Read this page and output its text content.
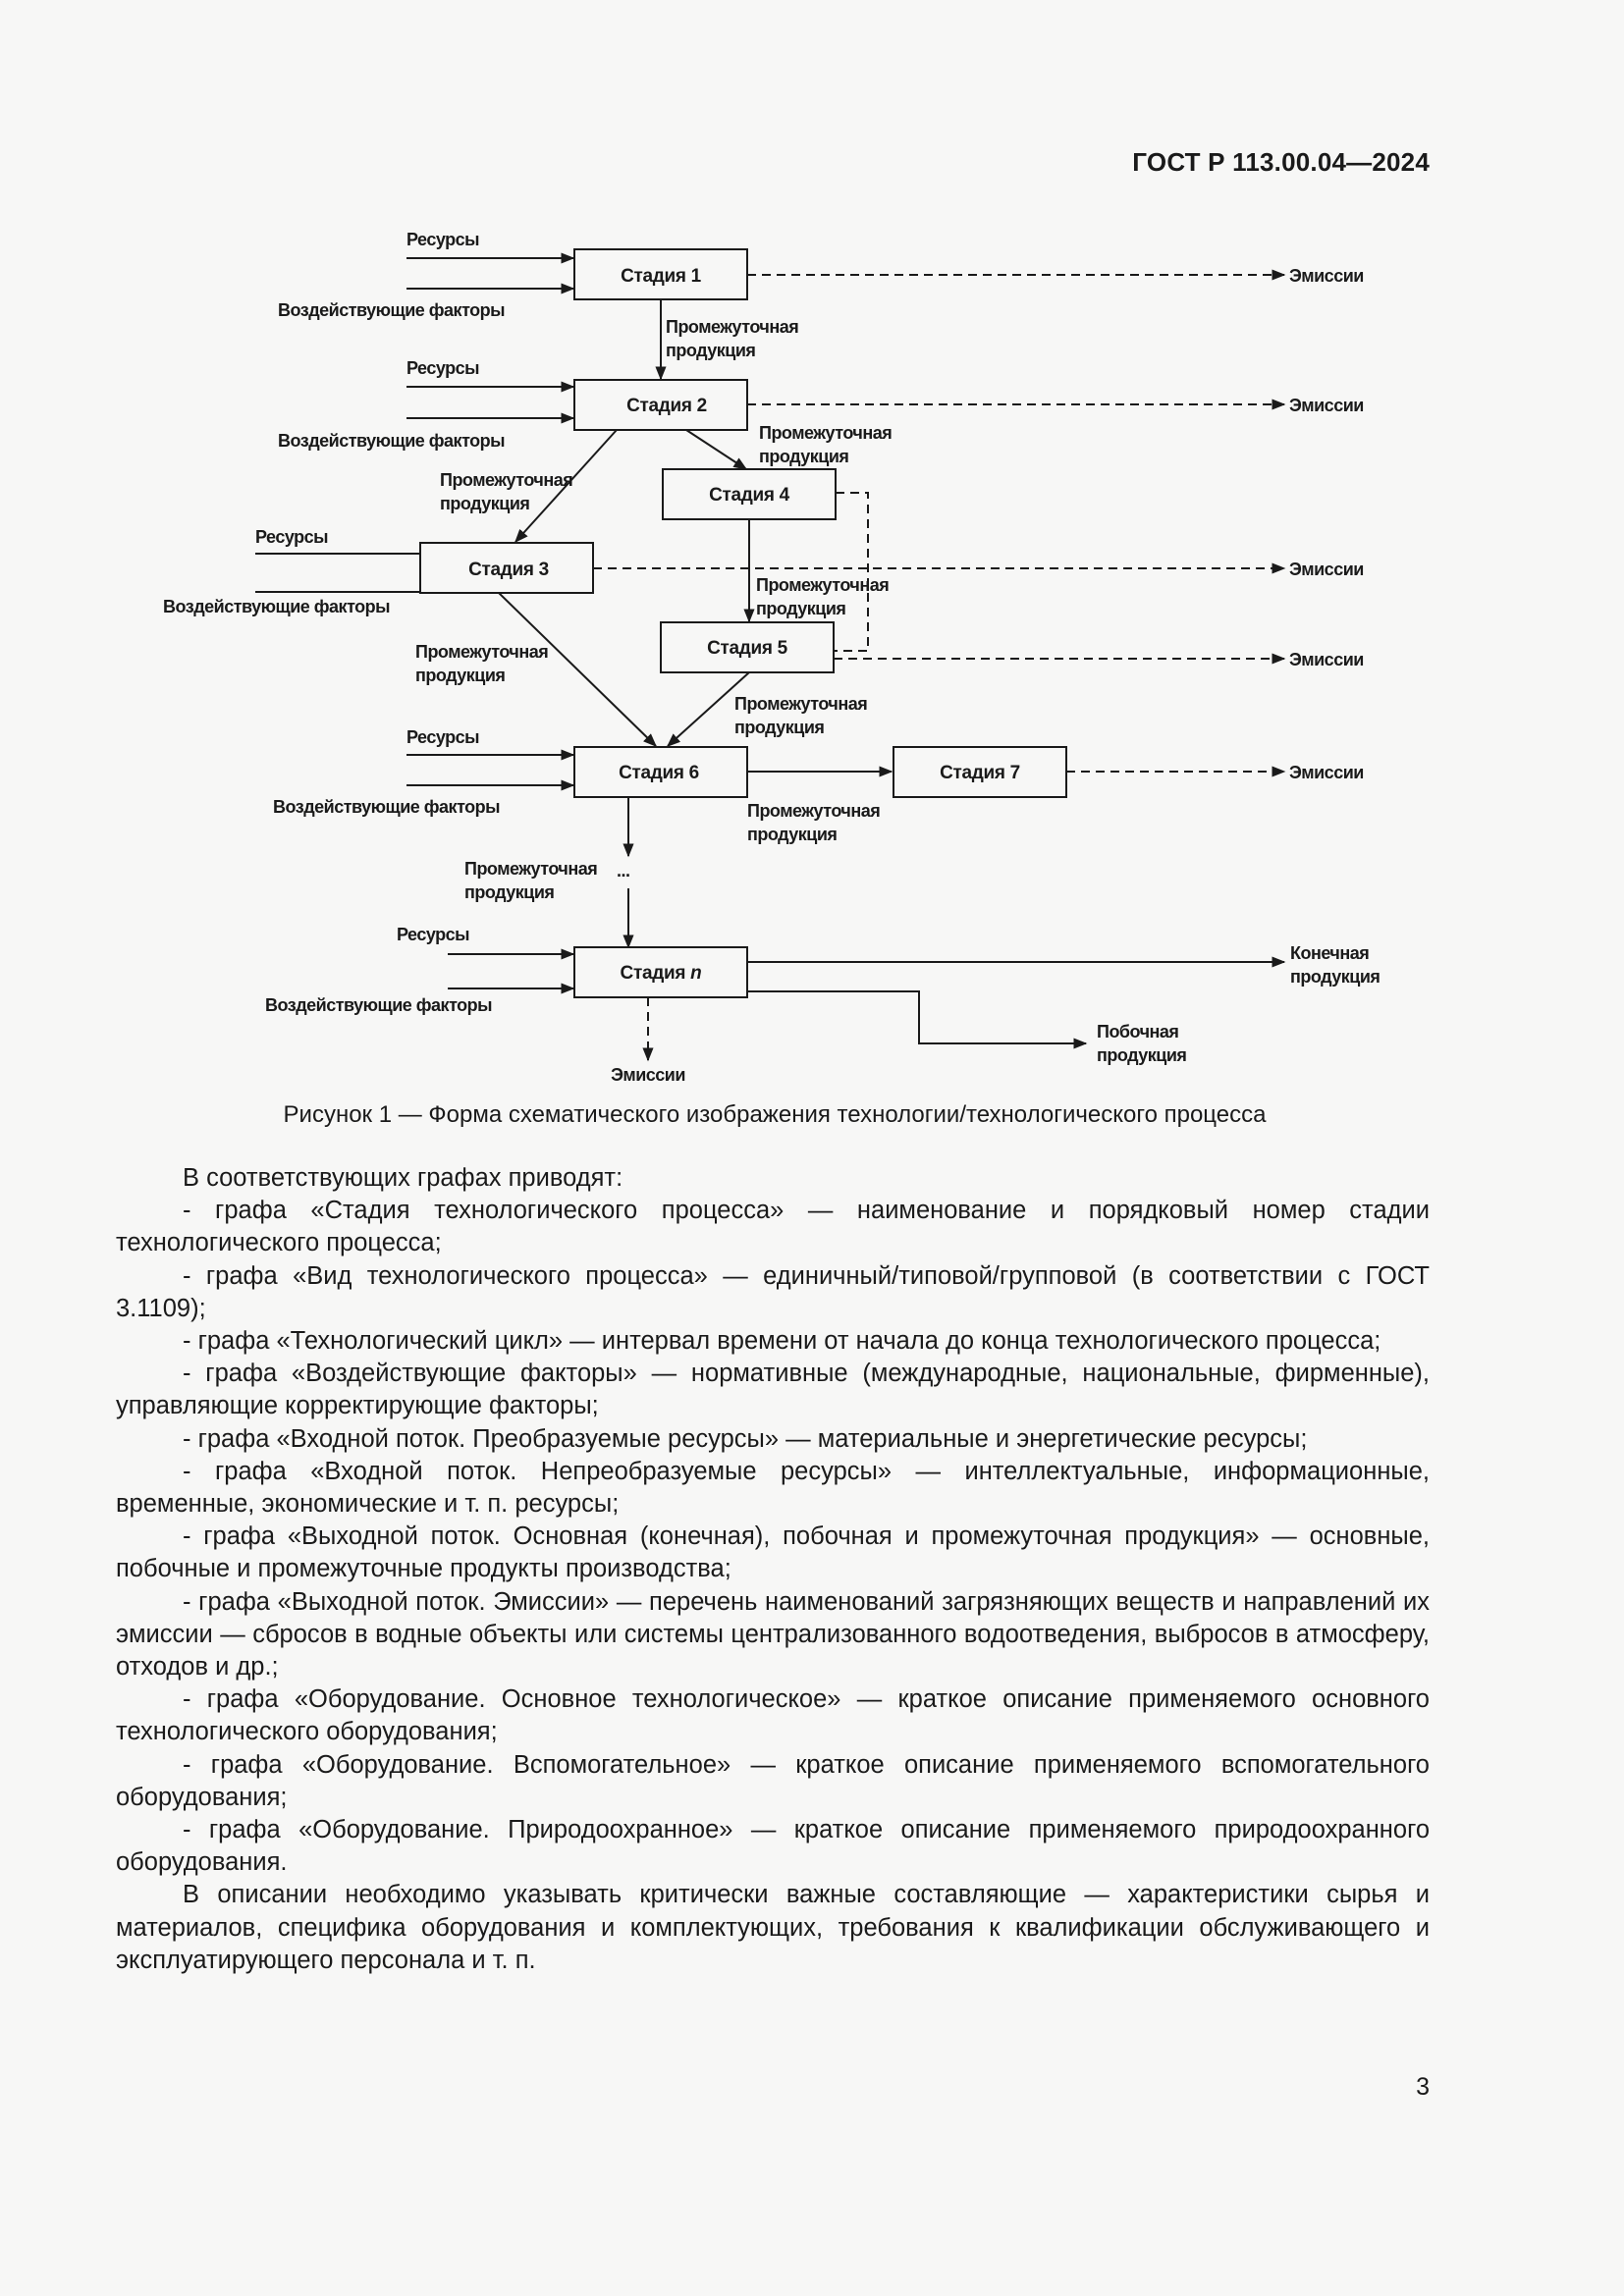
ГОСТ Р 113.00.04—2024
Ресурсы
Воздействующие факторы
Стадия 1	Эмиссии
Промежуточная
продукция
Ресурсы
Воздействующие факторы
Стадия 2	Эмиссии
Промежуточная
продукция
Промежуточная
продукция	Стадия 4
Промежуточная
продукция
Ресурсы
Воздействующие факторы
Стадия 3	Эмиссии
Промежуточная
продукция
Стадия 5
Эмиссии
Промежуточная
продукция
Ресурсы
Воздействующие факторы
Стадия 6
Промежуточная
продукция
Стадия 7	Эмиссии
Промежуточная
продукция
...
Ресурсы
Воздействующие факторы
Стадия n
Конечная
продукция
Побочная
продукция
Эмиссии
Рисунок 1 — Форма схематического изображения технологии/технологического процесса

В соответствующих графах приводят:

- графа «Стадия технологического процесса» — наименование и порядковый номер стадии технологического процесса;

- графа «Вид технологического процесса» — единичный/типовой/групповой (в соответствии с ГОСТ 3.1109);

- графа «Технологический цикл» — интервал времени от начала до конца технологического процесса;

- графа «Воздействующие факторы» — нормативные (международные, национальные, фирменные), управляющие корректирующие факторы;

- графа «Входной поток. Преобразуемые ресурсы» — материальные и энергетические ресурсы;

- графа «Входной поток. Непреобразуемые ресурсы» — интеллектуальные, информационные, временные, экономические и т. п. ресурсы;

- графа «Выходной поток. Основная (конечная), побочная и промежуточная продукция» — основные, побочные и промежуточные продукты производства;

- графа «Выходной поток. Эмиссии» — перечень наименований загрязняющих веществ и направлений их эмиссии — сбросов в водные объекты или системы централизованного водоотведения, выбросов в атмосферу, отходов и др.;

- графа «Оборудование. Основное технологическое» — краткое описание применяемого основного технологического оборудования;

- графа «Оборудование. Вспомогательное» — краткое описание применяемого вспомогательного оборудования;

- графа «Оборудование. Природоохранное» — краткое описание применяемого природоохранного оборудования.

В описании необходимо указывать критически важные составляющие — характеристики сырья и материалов, специфика оборудования и комплектующих, требования к квалификации обслуживающего и эксплуатирующего персонала и т. п.

3
